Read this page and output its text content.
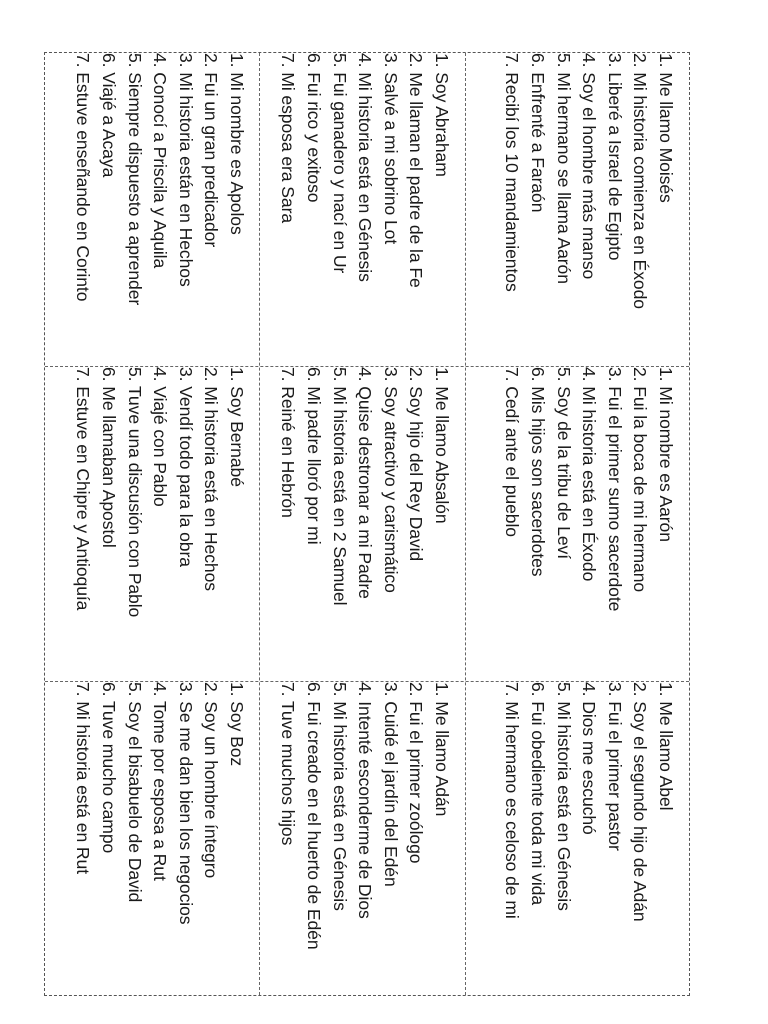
1. Me llamo Moisés
2. Mi historia comienza en Éxodo
3. Liberé a Israel de Egipto
4. Soy el hombre más manso
5. Mi hermano se llama Aarón
6. Enfrenté a Faraón
7. Recibí los 10 mandamientos
1. Soy Abraham
2. Me llaman el padre de la Fe
3. Salvé a mi sobrino Lot
4. Mi historia está en Génesis
5. Fui ganadero y nací en Ur
6. Fui rico y exitoso
7. Mi esposa era Sara
1. Mi nombre es Apolos
2. Fui un gran predicador
3. Mi historia están en Hechos
4. Conocí a Priscila y Aquila
5. Siempre dispuesto a aprender
6. Viajé a Acaya
7. Estuve enseñando en Corinto
1. Mi nombre es Aarón
2. Fui la boca de mi hermano
3. Fui el primer sumo sacerdote
4. Mi historia está en Éxodo
5. Soy de la tribu de Leví
6. Mis hijos son sacerdotes
7. Cedí ante el pueblo
1. Me llamo Absalón
2. Soy hijo del Rey David
3. Soy atractivo y carismático
4. Quise destronar a mi Padre
5. Mi historia está en 2 Samuel
6. Mi padre lloró por mi
7. Reiné en Hebrón
1. Soy Bernabé
2. Mi historia está en Hechos
3. Vendí todo para la obra
4. Viajé con Pablo
5. Tuve una discusión con Pablo
6. Me llamaban Apostol
7. Estuve en Chipre y Antioquía
1. Me llamo Abel
2. Soy el segundo hijo de Adán
3. Fui el primer pastor
4. Dios me escuchó
5. Mi historia está en Génesis
6. Fui obediente toda mi vida
7. Mi hermano es celoso de mi
1. Me llamo Adán
2. Fui el primer zoólogo
3. Cuidé el jardín del Edén
4. Intenté esconderme de Dios
5. Mi historia está en Génesis
6. Fui creado en el huerto de Edén
7. Tuve muchos hijos
1. Soy Boz
2. Soy un hombre íntegro
3. Se me dan bien los negocios
4. Tome por esposa a Rut
5. Soy el bisabuelo de David
6. Tuve mucho campo
7. Mi historia está en Rut
